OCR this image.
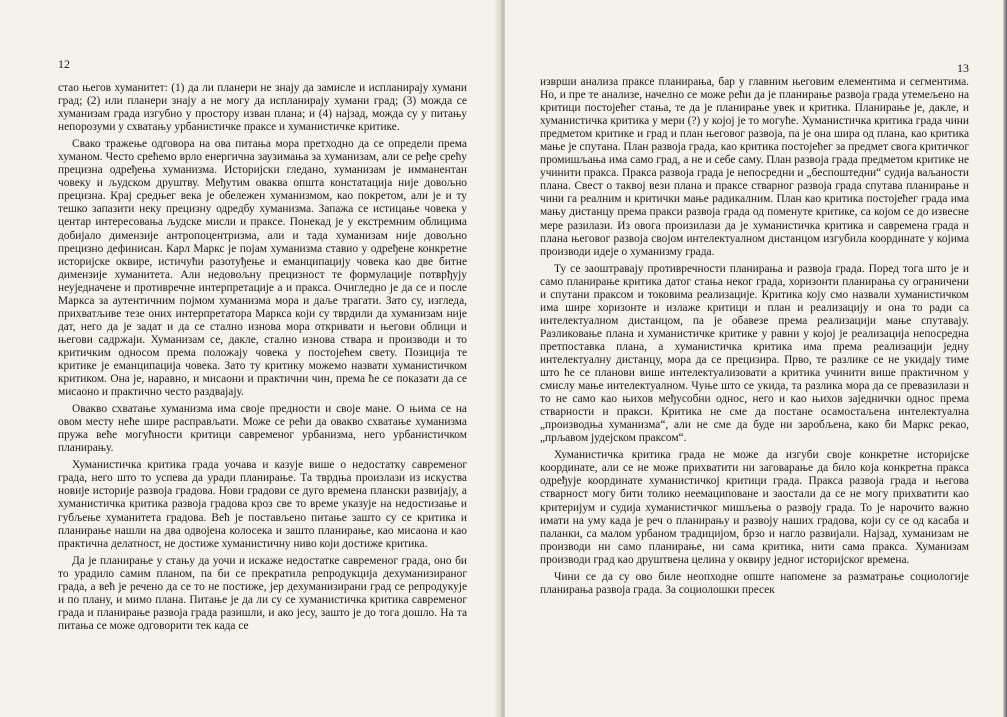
12

стао његов хуманитет: (1) да ли планери не знају да замисле и испланирају хумани град; (2) или планери знају а не могу да испланирају хумани град; (3) можда се хуманизам града изгубио у простору изван плана; и (4) најзад, можда су у питању непорозуми у схватању урбанистичке праксе и хуманистичке критике.

Свако тражење одговора на ова питања мора претходно да се определи према хуманом. Често срећемо врло енергична заузимања за хуманизам, али се ређе срећу прецизна одређења хуманизма. Историјски гледано, хуманизам је имманентан човеку и људском друштву. Међутим оваква општа констатација није довољно прецизна. Крај средњег века је обележен хуманизмом, као покретом, али је и ту тешко запазити неку прецизну одредбу хуманизма. Запажа се истицање човека у центар интересовања људске мисли и праксе. Понекад је у екстремним облицима добијало димензије антропоцентризма, али и тада хуманизам није довољно прецизно дефинисан. Карл Маркс је појам хуманизма ставио у одређене конкретне историјске оквире, истичући разотуђење и еманципацију човека као две битне димензије хуманитета. Али недовољну прецизност те формулације потврђују неуједначене и противречне интерпретације а и пракса. Очигледно је да се и после Маркса за аутентичним појмом хуманизма мора и даље трагати. Зато су, изгледа, прихватљиве тезе оних интерпретатора Маркса који су тврдили да хуманизам није дат, него да је задат и да се стално изнова мора откривати и његови облици и његови садржаји. Хуманизам се, дакле, стално изнова ствара и производи и то критичким односом према положају човека у постојећем свету. Позиција те критике је еманципација човека. Зато ту критику можемо назвати хуманистичком критиком. Она је, наравно, и мисаони и практични чин, према ће се показати да се мисаоно и практично често раздвајају.

Овакво схватање хуманизма има своје предности и своје мане. О њима се на овом месту неће шире расправљати. Може се рећи да овакво схватање хуманизма пружа веће могућности критици савременог урбанизма, него урбанистичком планирању.

Хуманистичка критика града уочава и казује више о недостатку савременог града, него што то успева да уради планирање. Та тврдња произлази из искуства новије историје развоја градова. Нови градови се дуго времена плански развијају, а хуманистичка критика развоја градова кроз све то време указује на недостизање и губљење хуманитета градова. Већ је постављено питање зашто су се критика и планирање нашли на два одвојена колосека и зашто планирање, као мисаона и као практична делатност, не достиже хуманистичну ниво који достиже критика.

Да је планирање у стању да уочи и искаже недостатке савременог града, оно би то урадило самим планом, па би се прекратила репродукција дехуманизираног града, а већ је речено да се то не постиже, јер дехуманизирани град се репродукује и по плану, и мимо плана. Питање је да ли су се хуманистичка критика савременог града и планирање развоја града разишли, и ако јесу, зашто је до тога дошло. На та питања се може одговорити тек када се

13

изврши анализа праксе планирања, бар у главним његовим елементима и сегментима. Но, и пре те анализе, начелно се може рећи да је планирање развоја града утемељено на критици постојећег стања, те да је планирање увек и критика. Планирање је, дакле, и хуманистичка критика у мери (?) у којој је то могуће. Хуманистичка критика града чини предметом критике и град и план његовог развоја, па је она шира од плана, као критика мање је спутана. План развоја града, као критика постојећег за предмет свога критичког промишљања има само град, а не и себе саму. План развоја града предметом критике не учинити пракса. Пракса развоја града је непосредни и „беспоштедни“ судија ваљаности плана. Свест о таквој вези плана и праксе стварног развоја града спутава планирање и чини га реалним и критички мање радикалним. План као критика постојећег града има мању дистанцу према пракси развоја града од поменуте критике, са којом се до извесне мере разилази. Из овога произилази да је хуманистичка критика и савремена града и плана његовог развоја својом интелектуалном дистанцом изгубила координате у којима производи идеје о хуманизму града.

Ту се заоштравају противречности планирања и развоја града. Поред тога што је и само планирање критика датог стања неког града, хоризонти планирања су ограничени и спутани праксом и токовима реализације. Критика коју смо назвали хуманистичком има шире хоризонте и излаже критици и план и реализацију и она то ради са интелектуалном дистанцом, па је обавезе према реализацији мање спутавају. Разликовање плана и хуманистичке критике у равни у којој је реализација непосредна претпоставка плана, а хуманистичка критика има према реализацији једну интелектуалну дистанцу, мора да се прецизира. Прво, те разлике се не укидају тиме што ће се планови више интелектуализовати а критика учинити више практичном у смислу мање интелектуалном. Чуње што се укида, та разлика мора да се превазилази и то не само као њихов међусобни однос, него и као њихов заједнички однос према стварности и пракси. Критика не сме да постане осамостаљена интелектуална „производња хуманизма“, али не сме да буде ни заробљена, како би Маркс рекао, „прљавом јудејском праксом“.

Хуманистичка критика града не може да изгуби своје конкретне историјске координате, али се не може прихватити ни заговарање да било која конкретна пракса одређује координате хуманистичкој критици града. Пракса развоја града и његова стварност могу бити толико неемациповане и заостали да се не могу прихватити као критеријум и судија хуманистичког мишљења о развоју града. То је нарочито важно имати на уму када је реч о планирању и развоју наших градова, који су се од касаба и паланки, са малом урбаном традицијом, брзо и нагло развијали. Најзад, хуманизам не производи ни само планирање, ни сама критика, нити сама пракса. Хуманизам производи град као друштвена целина у оквиру једног историјског времена.

Чини се да су ово биле неопходне опште напомене за разматрање социологије планирања развоја града. За социолошки пресек
